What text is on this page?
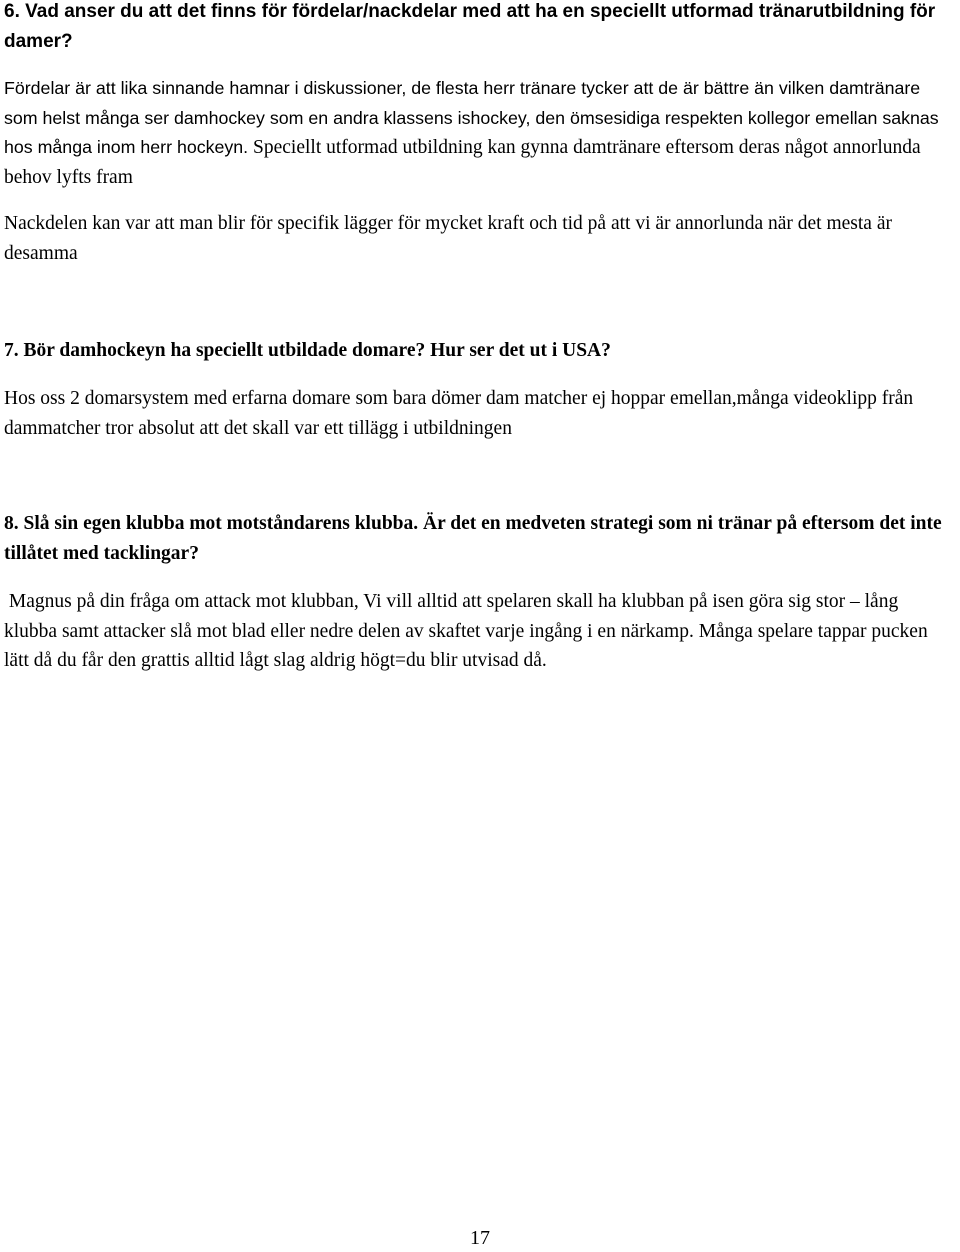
6. Vad anser du att det finns för fördelar/nackdelar med att ha en speciellt utformad tränarutbildning för damer?

Fördelar är att lika sinnande hamnar i diskussioner, de flesta herr tränare tycker att de är bättre än vilken damtränare som helst många ser damhockey som en andra klassens ishockey, den ömsesidiga respekten kollegor emellan saknas hos många inom herr hockeyn. Speciellt utformad utbildning kan gynna damtränare eftersom deras något annorlunda behov lyfts fram

Nackdelen kan var att man blir för specifik lägger för mycket kraft och tid på att vi är annorlunda när det mesta är desamma

7. Bör damhockeyn ha speciellt utbildade domare? Hur ser det ut i USA?

Hos oss 2 domarsystem med erfarna domare som bara dömer dam matcher ej hoppar emellan,många videoklipp från dammatcher tror absolut att det skall var ett tillägg i utbildningen

8. Slå sin egen klubba mot motståndarens klubba. Är det en medveten strategi som ni tränar på eftersom det inte tillåtet med tacklingar?

Magnus på din fråga om attack mot klubban, Vi vill alltid att spelaren skall ha klubban på isen göra sig stor – lång klubba samt attacker slå mot blad eller nedre delen av skaftet varje ingång i en närkamp. Många spelare tappar pucken lätt då du får den grattis alltid lågt slag aldrig högt=du blir utvisad då.

17
